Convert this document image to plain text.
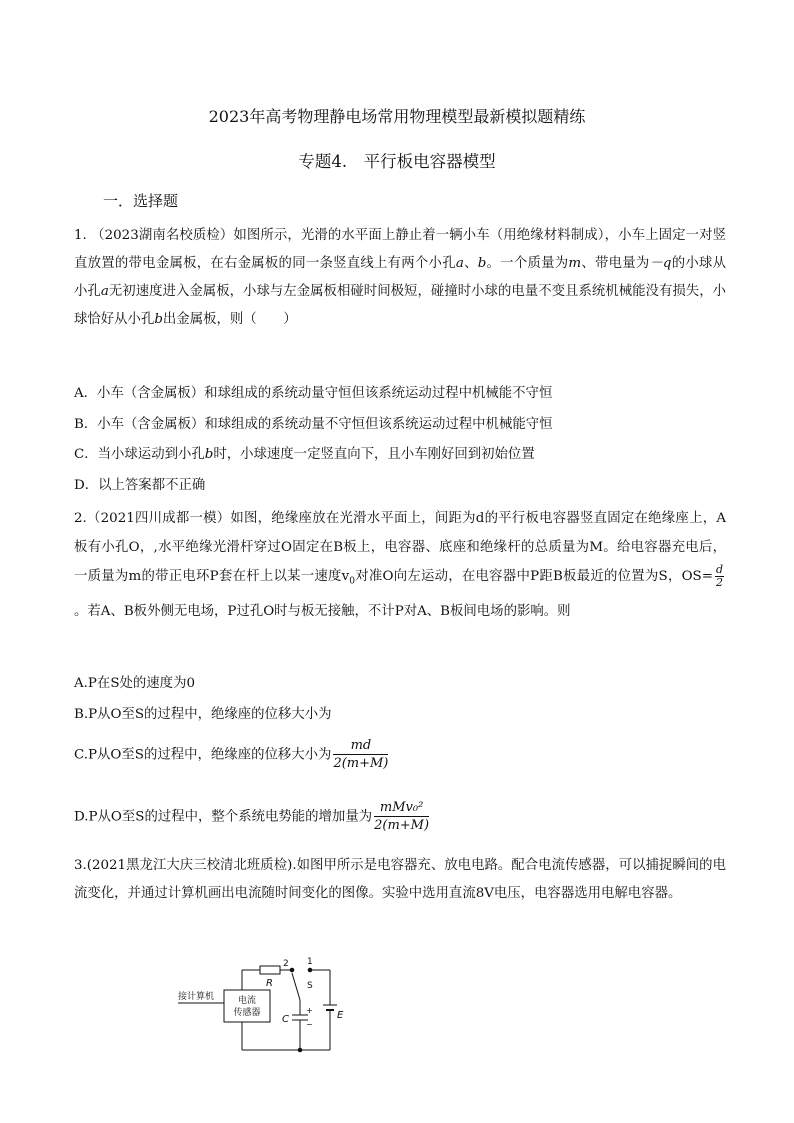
2023年高考物理静电场常用物理模型最新模拟题精练
专题4.　平行板电容器模型
一．选择题
1. （2023湖南名校质检）如图所示，光滑的水平面上静止着一辆小车（用绝缘材料制成），小车上固定一对竖直放置的带电金属板，在右金属板的同一条竖直线上有两个小孔a、b。一个质量为m、带电量为－q的小球从小孔a无初速度进入金属板，小球与左金属板相碰时间极短，碰撞时小球的电量不变且系统机械能没有损失，小球恰好从小孔b出金属板，则（　　）
A．小车（含金属板）和球组成的系统动量守恒但该系统运动过程中机械能不守恒
B．小车（含金属板）和球组成的系统动量不守恒但该系统运动过程中机械能守恒
C．当小球运动到小孔b时，小球速度一定竖直向下，且小车刚好回到初始位置
D．以上答案都不正确
2.（2021四川成都一模）如图，绝缘座放在光滑水平面上，间距为d的平行板电容器竖直固定在绝缘座上，A板有小孔O，,水平绝缘光滑杆穿过O固定在B板上，电容器、底座和绝缘杆的总质量为M。给电容器充电后，一质量为m的带正电环P套在杆上以某一速度$v_0$对准O向左运动，在电容器中P距B板最近的位置为S，$OS= \frac{d}{2}$
。若A、B板外侧无电场，P过孔O时与板无接触，不计P对A、B板间电场的影响。则
A.P在S处的速度为0
B.P从O至S的过程中，绝缘座的位移大小为
C.P从O至S的过程中，绝缘座的位移大小为 $\frac{md}{2(m+M)}$
D.P从O至S的过程中，整个系统电势能的增加量为 $\frac{\text{mMv₀²}}{2(m+M)}$
3.(2021黑龙江大庆三校清北班质检).如图甲所示是电容器充、放电电路。配合电流传感器，可以捕捉瞬间的电流变化，并通过计算机画出电流随时间变化的图像。实验中选用直流8V电压，电容器选用电解电容器。
接计算机	电流
传感器
R
2 1
S
C
+
−
E
